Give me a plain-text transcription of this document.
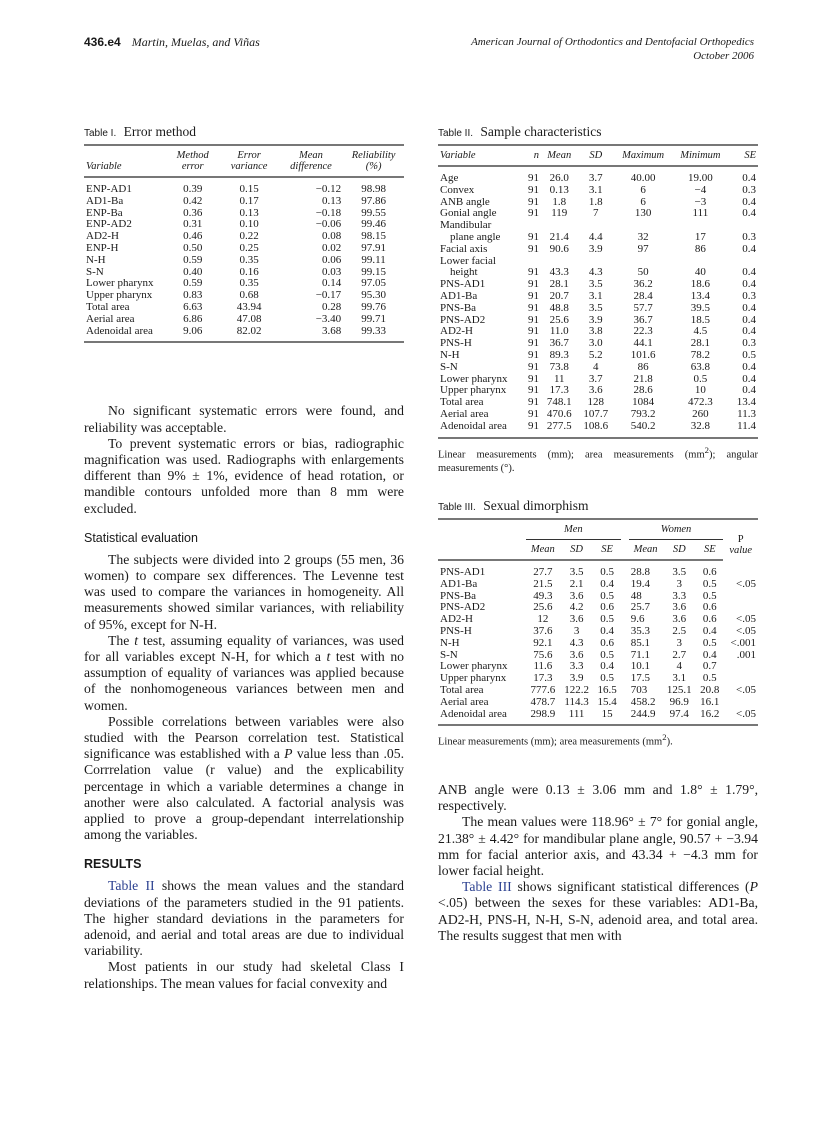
436.e4 Martin, Muelas, and Viñas	American Journal of Orthodontics and Dentofacial Orthopedics
October 2006
Table I. Error method
Variable	Method error	Error variance	Mean difference	Reliability (%)
ENP-AD1	0.39	0.15	−0.12	98.98
AD1-Ba	0.42	0.17	0.13	97.86
ENP-Ba	0.36	0.13	−0.18	99.55
ENP-AD2	0.31	0.10	−0.06	99.46
AD2-H	0.46	0.22	0.08	98.15
ENP-H	0.50	0.25	0.02	97.91
N-H	0.59	0.35	0.06	99.11
S-N	0.40	0.16	0.03	99.15
Lower pharynx	0.59	0.35	0.14	97.05
Upper pharynx	0.83	0.68	−0.17	95.30
Total area	6.63	43.94	0.28	99.76
Aerial area	6.86	47.08	−3.40	99.71
Adenoidal area	9.06	82.02	3.68	99.33

No significant systematic errors were found, and reliability was acceptable.

To prevent systematic errors or bias, radiographic magnification was used. Radiographs with enlargements different than 9% ± 1%, evidence of head rotation, or mandible contours unfolded more than 8 mm were excluded.

Statistical evaluation

The subjects were divided into 2 groups (55 men, 36 women) to compare sex differences. The Levenne test was used to compare the variances in homogeneity. All measurements showed similar variances, with reliability of 95%, except for N-H.

The t test, assuming equality of variances, was used for all variables except N-H, for which a t test with no assumption of equality of variances was applied because of the nonhomogeneous variances between men and women.

Possible correlations between variables were also studied with the Pearson correlation test. Statistical significance was established with a P value less than .05. Corrrelation value (r value) and the explicability percentage in which a variable determines a change in another were also calculated. A factorial analysis was applied to prove a group-dependant interrelationship among the variables.

RESULTS

Table II shows the mean values and the standard deviations of the parameters studied in the 91 patients. The higher standard deviations in the parameters for adenoid, and aerial and total areas are due to individual variability.

Most patients in our study had skeletal Class I relationships. The mean values for facial convexity and

Table II. Sample characteristics
Variable	n	Mean	SD	Maximum	Minimum	SE
Age	91	26.0	3.7	40.00	19.00	0.4
Convex	91	0.13	3.1	6	−4	0.3
ANB angle	91	1.8	1.8	6	−3	0.4
Gonial angle	91	119	7	130	111	0.4
Mandibular						
plane angle	91	21.4	4.4	32	17	0.3
Facial axis	91	90.6	3.9	97	86	0.4
Lower facial						
height	91	43.3	4.3	50	40	0.4
PNS-AD1	91	28.1	3.5	36.2	18.6	0.4
AD1-Ba	91	20.7	3.1	28.4	13.4	0.3
PNS-Ba	91	48.8	3.5	57.7	39.5	0.4
PNS-AD2	91	25.6	3.9	36.7	18.5	0.4
AD2-H	91	11.0	3.8	22.3	4.5	0.4
PNS-H	91	36.7	3.0	44.1	28.1	0.3
N-H	91	89.3	5.2	101.6	78.2	0.5
S-N	91	73.8	4	86	63.8	0.4
Lower pharynx	91	11	3.7	21.8	0.5	0.4
Upper pharynx	91	17.3	3.6	28.6	10	0.4
Total area	91	748.1	128	1084	472.3	13.4
Aerial area	91	470.6	107.7	793.2	260	11.3
Adenoidal area	91	277.5	108.6	540.2	32.8	11.4
Linear measurements (mm); area measurements $(mm^2)$; angular measurements (°).
Table III. Sexual dimorphism
	Men				Women			P
value

	Mean	SD	SE		Mean	SD	SE	
PNS-AD1	27.7	3.5	0.5		28.8	3.5	0.6	
AD1-Ba	21.5	2.1	0.4		19.4	3	0.5	<.05
PNS-Ba	49.3	3.6	0.5		48	3.3	0.5	
PNS-AD2	25.6	4.2	0.6		25.7	3.6	0.6	
AD2-H	12	3.6	0.5		9.6	3.6	0.6	<.05
PNS-H	37.6	3	0.4		35.3	2.5	0.4	<.05
N-H	92.1	4.3	0.6		85.1	3	0.5	<.001
S-N	75.6	3.6	0.5		71.1	2.7	0.4	.001
Lower pharynx	11.6	3.3	0.4		10.1	4	0.7	
Upper pharynx	17.3	3.9	0.5		17.5	3.1	0.5	
Total area	777.6	122.2	16.5		703	125.1	20.8	<.05
Aerial area	478.7	114.3	15.4		458.2	96.9	16.1	
Adenoidal area	298.9	111	15		244.9	97.4	16.2	<.05
Linear measurements (mm); area measurements $(mm^2)$.

ANB angle were 0.13 ± 3.06 mm and 1.8° ± 1.79°, respectively.

The mean values were 118.96° ± 7° for gonial angle, 21.38° ± 4.42° for mandibular plane angle, 90.57 + −3.94 mm for facial anterior axis, and 43.34 + −4.3 mm for lower facial height.

Table III shows significant statistical differences (P <.05) between the sexes for these variables: AD1-Ba, AD2-H, PNS-H, N-H, S-N, adenoid area, and total area. The results suggest that men with
